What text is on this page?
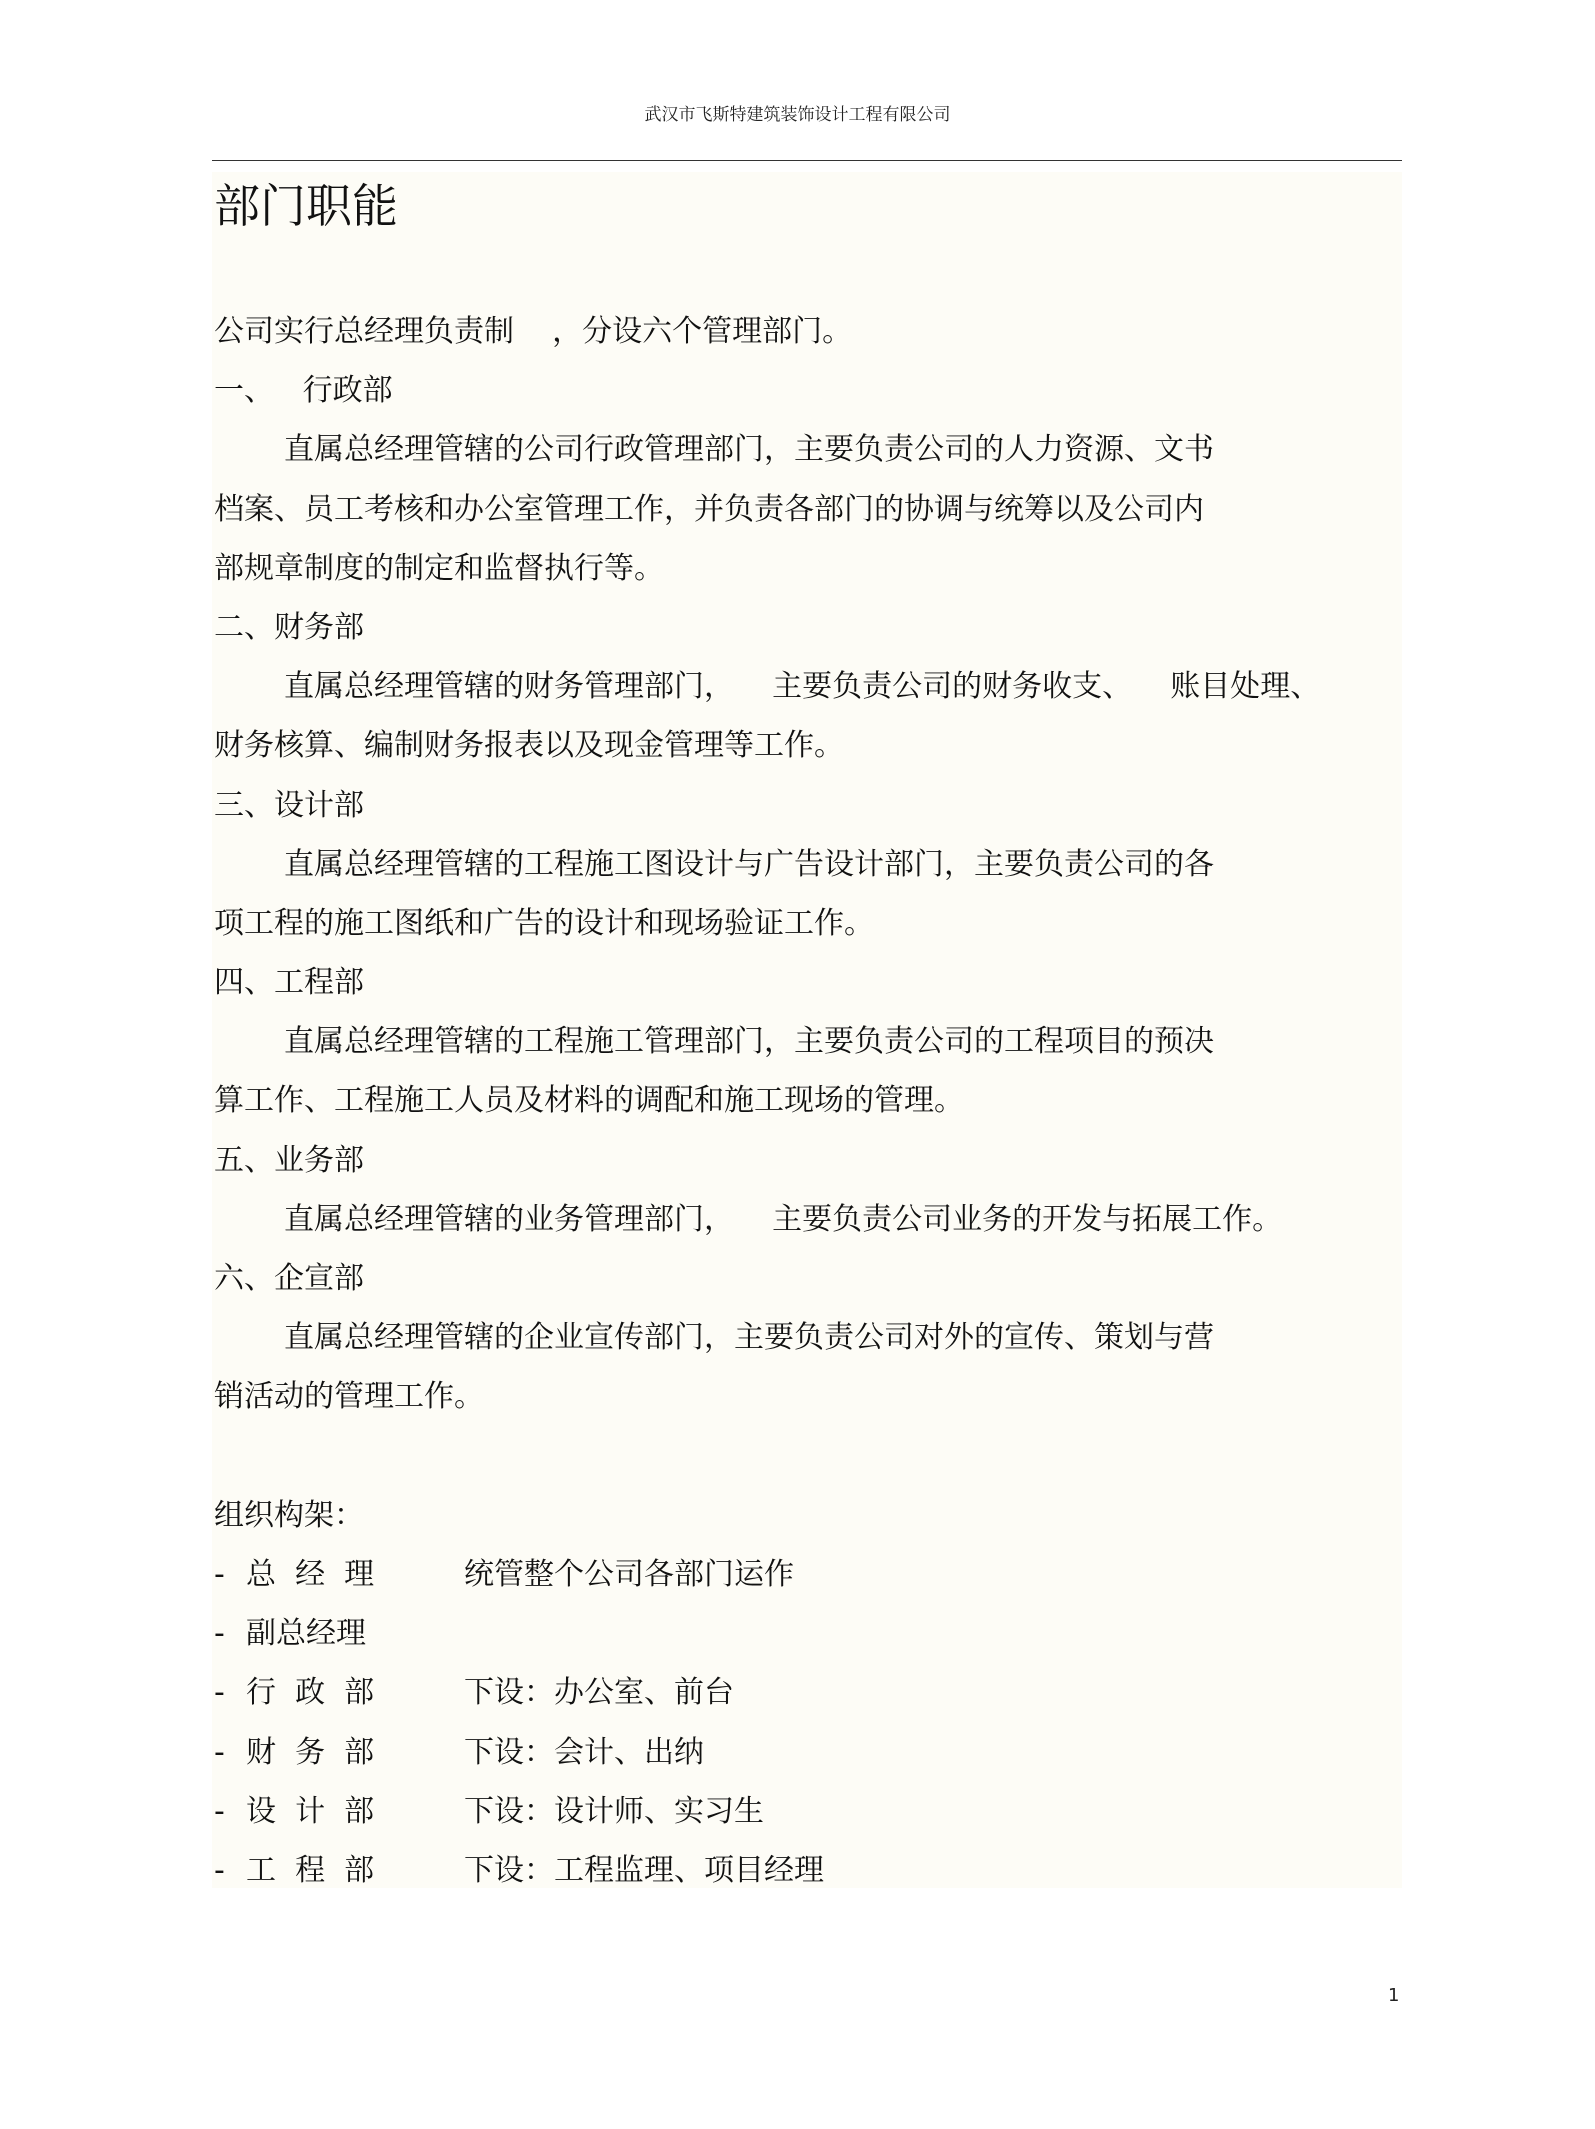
武汉市飞斯特建筑装饰设计工程有限公司
部门职能
公司实行总经理负责制    ，分设六个管理部门。
一、   行政部
直属总经理管辖的公司行政管理部门，主要负责公司的人力资源、文书
档案、员工考核和办公室管理工作，并负责各部门的协调与统筹以及公司内
部规章制度的制定和监督执行等。
二、财务部
直属总经理管辖的财务管理部门，    主要负责公司的财务收支、    账目处理、
财务核算、编制财务报表以及现金管理等工作。
三、设计部
直属总经理管辖的工程施工图设计与广告设计部门，主要负责公司的各
项工程的施工图纸和广告的设计和现场验证工作。
四、工程部
直属总经理管辖的工程施工管理部门，主要负责公司的工程项目的预决
算工作、工程施工人员及材料的调配和施工现场的管理。
五、业务部
直属总经理管辖的业务管理部门，    主要负责公司业务的开发与拓展工作。
六、企宣部
直属总经理管辖的企业宣传部门，主要负责公司对外的宣传、策划与营
销活动的管理工作。
组织构架：
- 总  经  理	统管整个公司各部门运作
- 副总经理
- 行  政  部	下设：办公室、前台
- 财  务  部	下设：会计、出纳
- 设  计  部	下设：设计师、实习生
- 工  程  部	下设：工程监理、项目经理
1
